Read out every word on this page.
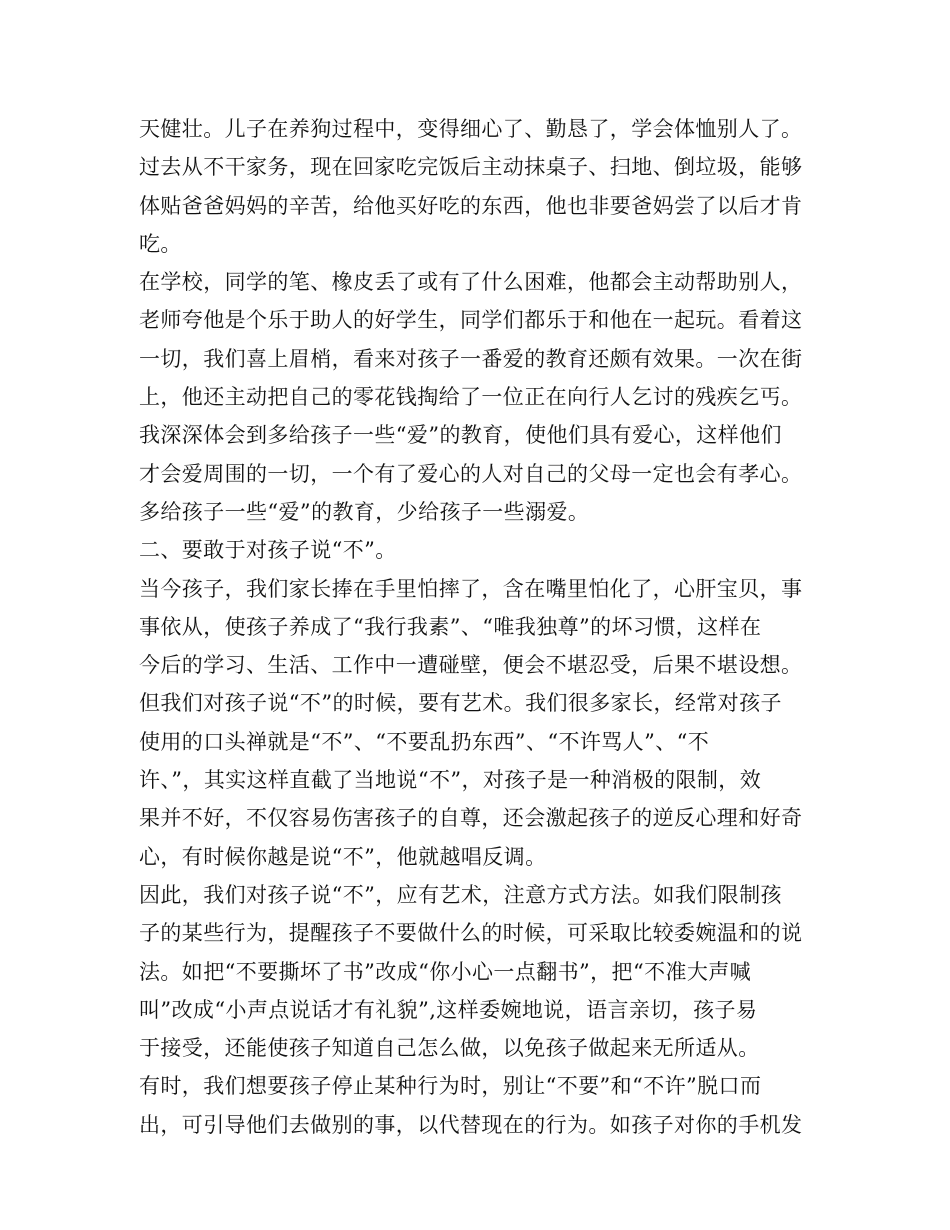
天健壮。儿子在养狗过程中，变得细心了、勤恳了，学会体恤别人了。
过去从不干家务，现在回家吃完饭后主动抹桌子、扫地、倒垃圾，能够
体贴爸爸妈妈的辛苦，给他买好吃的东西，他也非要爸妈尝了以后才肯
吃。
在学校，同学的笔、橡皮丢了或有了什么困难，他都会主动帮助别人，
老师夸他是个乐于助人的好学生，同学们都乐于和他在一起玩。看着这
一切，我们喜上眉梢，看来对孩子一番爱的教育还颇有效果。一次在街
上，他还主动把自己的零花钱掏给了一位正在向行人乞讨的残疾乞丐。
我深深体会到多给孩子一些“爱”的教育，使他们具有爱心，这样他们
才会爱周围的一切，一个有了爱心的人对自己的父母一定也会有孝心。
多给孩子一些“爱”的教育，少给孩子一些溺爱。
二、要敢于对孩子说“不”。
当今孩子，我们家长捧在手里怕摔了，含在嘴里怕化了，心肝宝贝，事
事依从，使孩子养成了“我行我素”、“唯我独尊”的坏习惯，这样在
今后的学习、生活、工作中一遭碰壁，便会不堪忍受，后果不堪设想。
但我们对孩子说“不”的时候，要有艺术。我们很多家长，经常对孩子
使用的口头禅就是“不”、“不要乱扔东西”、“不许骂人”、“不
许、”，其实这样直截了当地说“不”，对孩子是一种消极的限制，效
果并不好，不仅容易伤害孩子的自尊，还会激起孩子的逆反心理和好奇
心，有时候你越是说“不”，他就越唱反调。
因此，我们对孩子说“不”，应有艺术，注意方式方法。如我们限制孩
子的某些行为，提醒孩子不要做什么的时候，可采取比较委婉温和的说
法。如把“不要撕坏了书”改成“你小心一点翻书”，把“不准大声喊
叫”改成“小声点说话才有礼貌”,这样委婉地说，语言亲切，孩子易
于接受，还能使孩子知道自己怎么做，以免孩子做起来无所适从。
有时，我们想要孩子停止某种行为时，别让“不要”和“不许”脱口而
出，可引导他们去做别的事，以代替现在的行为。如孩子对你的手机发
